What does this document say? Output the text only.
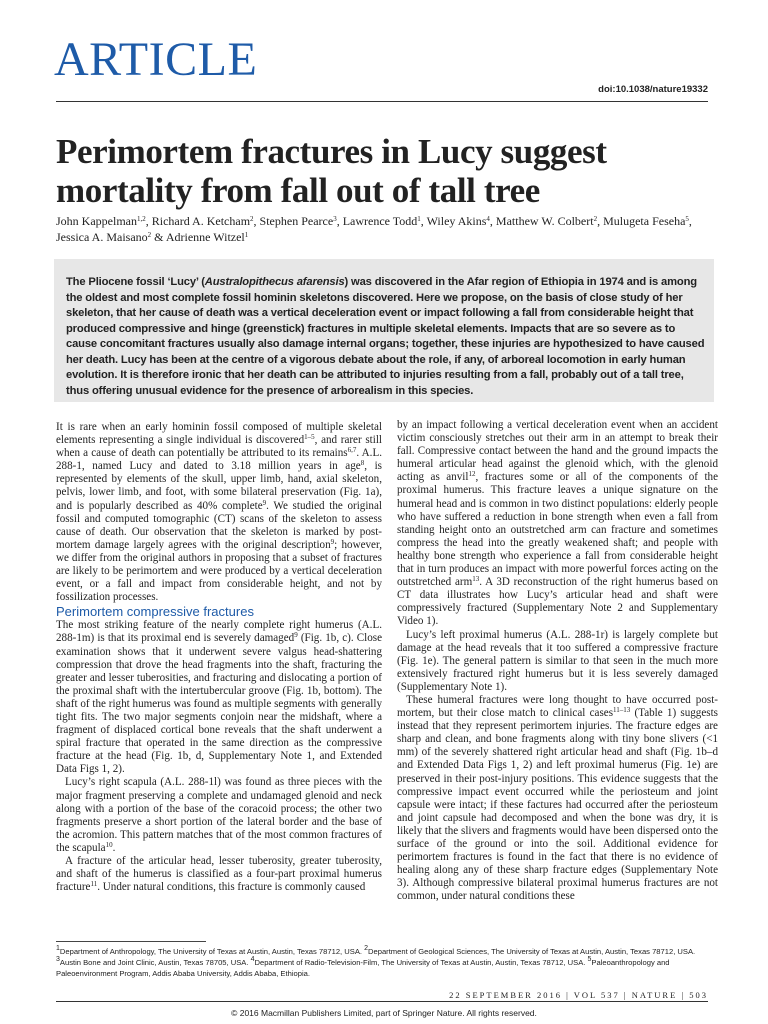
ARTICLE
doi:10.1038/nature19332
Perimortem fractures in Lucy suggest mortality from fall out of tall tree
John Kappelman$^{1,2}$, Richard A. Ketcham$^2$, Stephen Pearce$^3$, Lawrence Todd$^1$, Wiley Akins$^4$, Matthew W. Colbert$^2$, Mulugeta Feseha$^5$, Jessica A. Maisano$^2$ & Adrienne Witzel$^1$
The Pliocene fossil ‘Lucy’ (Australopithecus afarensis) was discovered in the Afar region of Ethiopia in 1974 and is among the oldest and most complete fossil hominin skeletons discovered. Here we propose, on the basis of close study of her skeleton, that her cause of death was a vertical deceleration event or impact following a fall from considerable height that produced compressive and hinge (greenstick) fractures in multiple skeletal elements. Impacts that are so severe as to cause concomitant fractures usually also damage internal organs; together, these injuries are hypothesized to have caused her death. Lucy has been at the centre of a vigorous debate about the role, if any, of arboreal locomotion in early human evolution. It is therefore ironic that her death can be attributed to injuries resulting from a fall, probably out of a tall tree, thus offering unusual evidence for the presence of arborealism in this species.

It is rare when an early hominin fossil composed of multiple skeletal elements representing a single individual is discovered$^{1-5}$, and rarer still when a cause of death can potentially be attributed to its remains$^{6,7}$. A.L. 288-1, named Lucy and dated to 3.18 million years in age$^8$, is represented by elements of the skull, upper limb, hand, axial skeleton, pelvis, lower limb, and foot, with some bilateral preservation (Fig. 1a), and is popularly described as 40% complete$^9$. We studied the original fossil and computed tomographic (CT) scans of the skeleton to assess cause of death. Our observation that the skeleton is marked by post-mortem damage largely agrees with the original description$^9$; however, we differ from the original authors in proposing that a subset of fractures are likely to be perimortem and were produced by a vertical deceleration event, or a fall and impact from considerable height, and not by fossilization processes.

Perimortem compressive fractures

The most striking feature of the nearly complete right humerus (A.L. 288-1m) is that its proximal end is severely damaged$^9$ (Fig. 1b, c). Close examination shows that it underwent severe valgus head-shattering compression that drove the head fragments into the shaft, fracturing the greater and lesser tuberosities, and fracturing and dislocating a portion of the proximal shaft with the intertubercular groove (Fig. 1b, bottom). The shaft of the right humerus was found as multiple segments with generally tight fits. The two major segments conjoin near the midshaft, where a fragment of displaced cortical bone reveals that the shaft underwent a spiral fracture that operated in the same direction as the compressive fracture at the head (Fig. 1b, d, Supplementary Note 1, and Extended Data Figs 1, 2).

Lucy’s right scapula (A.L. 288-1l) was found as three pieces with the major fragment preserving a complete and undamaged glenoid and neck along with a portion of the base of the coracoid process; the other two fragments preserve a short portion of the lateral border and the base of the acromion. This pattern matches that of the most common fractures of the scapula$^{10}$.

A fracture of the articular head, lesser tuberosity, greater tuberosity, and shaft of the humerus is classified as a four-part proximal humerus fracture$^{11}$. Under natural conditions, this fracture is commonly caused

by an impact following a vertical deceleration event when an accident victim consciously stretches out their arm in an attempt to break their fall. Compressive contact between the hand and the ground impacts the humeral articular head against the glenoid which, with the glenoid acting as anvil$^{12}$, fractures some or all of the components of the proximal humerus. This fracture leaves a unique signature on the humeral head and is common in two distinct populations: elderly people who have suffered a reduction in bone strength when even a fall from standing height onto an outstretched arm can fracture and sometimes compress the head into the greatly weakened shaft; and people with healthy bone strength who experience a fall from considerable height that in turn produces an impact with more powerful forces acting on the outstretched arm$^{13}$. A 3D reconstruction of the right humerus based on CT data illustrates how Lucy’s articular head and shaft were compressively fractured (Supplementary Note 2 and Supplementary Video 1).

Lucy’s left proximal humerus (A.L. 288-1r) is largely complete but damage at the head reveals that it too suffered a compressive fracture (Fig. 1e). The general pattern is similar to that seen in the much more extensively fractured right humerus but it is less severely damaged (Supplementary Note 1).

These humeral fractures were long thought to have occurred post-mortem, but their close match to clinical cases$^{11-13}$ (Table 1) suggests instead that they represent perimortem injuries. The fracture edges are sharp and clean, and bone fragments along with tiny bone slivers (<1 mm) of the severely shattered right articular head and shaft (Fig. 1b–d and Extended Data Figs 1, 2) and left proximal humerus (Fig. 1e) are preserved in their post-injury positions. This evidence suggests that the compressive impact event occurred while the periosteum and joint capsule were intact; if these factures had occurred after the periosteum and joint capsule had decomposed and when the bone was dry, it is likely that the slivers and fragments would have been dispersed onto the surface of the ground or into the soil. Additional evidence for perimortem fractures is found in the fact that there is no evidence of healing along any of these sharp fracture edges (Supplementary Note 3). Although compressive bilateral proximal humerus fractures are not common, under natural conditions these

$^1$Department of Anthropology, The University of Texas at Austin, Austin, Texas 78712, USA. $^2$Department of Geological Sciences, The University of Texas at Austin, Austin, Texas 78712, USA. $^3$Austin Bone and Joint Clinic, Austin, Texas 78705, USA. $^4$Department of Radio-Television-Film, The University of Texas at Austin, Austin, Texas 78712, USA. $^5$Paleoanthropology and Paleoenvironment Program, Addis Ababa University, Addis Ababa, Ethiopia.
22 SEPTEMBER 2016 | VOL 537 | NATURE | 503
© 2016 Macmillan Publishers Limited, part of Springer Nature. All rights reserved.
